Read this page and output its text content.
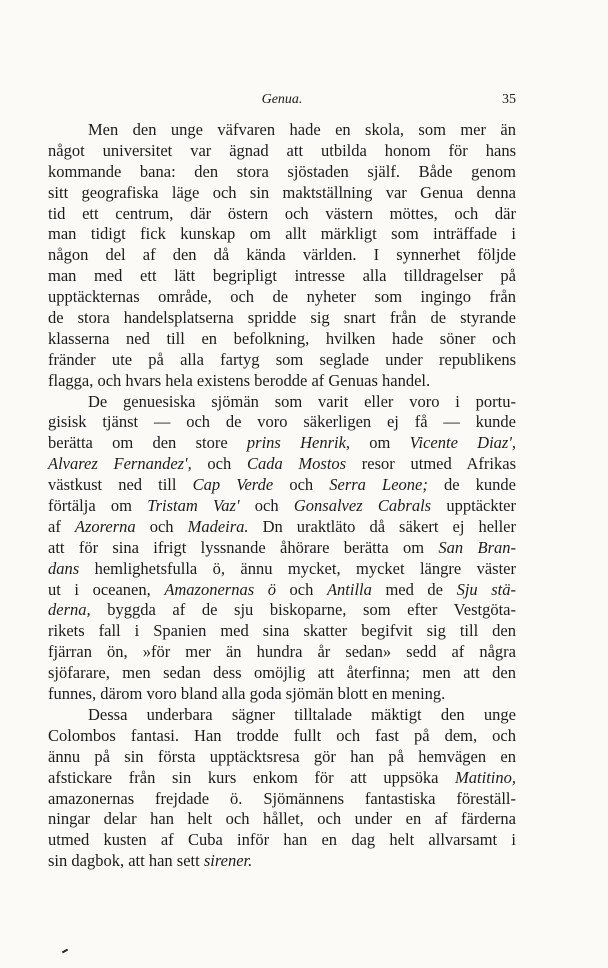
Genua.	35
Men den unge väfvaren hade en skola, som mer än
något universitet var ägnad att utbilda honom för hans
kommande bana: den stora sjöstaden själf. Både genom
sitt geografiska läge och sin maktställning var Genua denna
tid ett centrum, där östern och västern möttes, och där
man tidigt fick kunskap om allt märkligt som inträffade i
någon del af den då kända världen. I synnerhet följde
man med ett lätt begripligt intresse alla tilldragelser på
upptäckternas område, och de nyheter som ingingo från
de stora handelsplatserna spridde sig snart från de styrande
klasserna ned till en befolkning, hvilken hade söner och
fränder ute på alla fartyg som seglade under republikens
flagga, och hvars hela existens berodde af Genuas handel.
De genuesiska sjömän som varit eller voro i portu-
gisisk tjänst — och de voro säkerligen ej få — kunde
berätta om den store prins Henrik, om Vicente Diaz',
Alvarez Fernandez', och Cada Mostos resor utmed Afrikas
västkust ned till Cap Verde och Serra Leone; de kunde
förtälja om Tristam Vaz' och Gonsalvez Cabrals upptäckter
af Azorerna och Madeira. Dn uraktläto då säkert ej heller
att för sina ifrigt lyssnande åhörare berätta om San Bran-
dans hemlighetsfulla ö, ännu mycket, mycket längre väster
ut i oceanen, Amazonernas ö och Antilla med de Sju stä-
derna, byggda af de sju biskoparne, som efter Vestgöta-
rikets fall i Spanien med sina skatter begifvit sig till den
fjärran ön, »för mer än hundra år sedan» sedd af några
sjöfarare, men sedan dess omöjlig att återfinna; men att den
funnes, därom voro bland alla goda sjömän blott en mening.
Dessa underbara sägner tilltalade mäktigt den unge
Colombos fantasi. Han trodde fullt och fast på dem, och
ännu på sin första upptäcktsresa gör han på hemvägen en
afstickare från sin kurs enkom för att uppsöka Matitino,
amazonernas frejdade ö. Sjömännens fantastiska föreställ-
ningar delar han helt och hållet, och under en af färderna
utmed kusten af Cuba inför han en dag helt allvarsamt i
sin dagbok, att han sett sirener.
